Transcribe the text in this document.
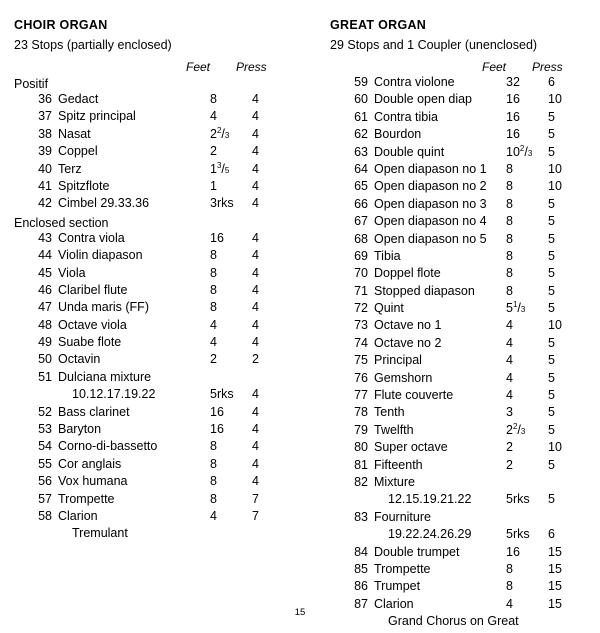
CHOIR ORGAN
23 Stops (partially enclosed)
Feet Press
Positif
36 Gedact	8	4
37 Spitz principal	4	4
38 Nasat	$2^2/3$ 4
39 Coppel	2	4
40 Terz	$1^3/5$ 4
41 Spitzflote	1	4
42 Cimbel 29.33.36	3rks 4
Enclosed section
43 Contra viola	16 4
44 Violin diapason	8	4
45 Viola	8	4
46 Claribel flute	8	4
47 Unda maris (FF)	8	4
48 Octave viola	4	4
49 Suabe flote	4	4
50 Octavin	2	2
51 Dulciana mixture
10.12.17.19.22	5rks 4
52 Bass clarinet	16 4
53 Baryton	16 4
54 Corno-di-bassetto	8	4
55 Cor anglais	8	4
56 Vox humana	8	4
57 Trompette	8	7
58 Clarion	4	7
Tremulant
GREAT ORGAN
29 Stops and 1 Coupler (unenclosed)
Feet Press
59 Contra violone	32 6
60 Double open diap	16 10
61 Contra tibia	16 5
62 Bourdon	16 5
63 Double quint	$10^2/3$ 5
64 Open diapason no 1 8	10
65 Open diapason no 2 8	10
66 Open diapason no 3 8	5
67 Open diapason no 4 8	5
68 Open diapason no 5 8	5
69 Tibia	8	5
70 Doppel flote	8	5
71 Stopped diapason 8	5
72 Quint	$5^1/3$ 5
73 Octave no 1	4	10
74 Octave no 2	4	5
75 Principal	4	5
76 Gemshorn	4	5
77 Flute couverte	4	5
78 Tenth	3	5
79 Twelfth	$2^2/3$ 5
80 Super octave	2	10
81 Fifteenth	2	5
82 Mixture
12.15.19.21.22	5rks 5
83 Fourniture
19.22.24.26.29	5rks 6
84 Double trumpet	16 15
85 Trompette	8	15
86 Trumpet	8	15
87 Clarion	4	15
Grand Chorus on Great
15
